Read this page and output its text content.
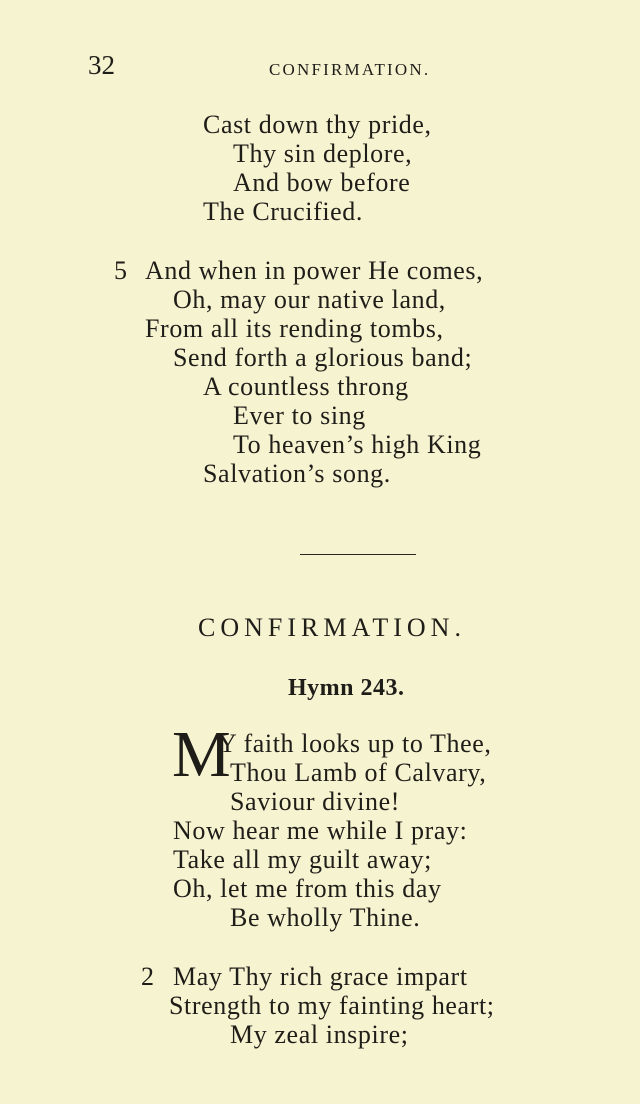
32	CONFIRMATION.
Cast down thy pride,
Thy sin deplore,
And bow before
The Crucified.
5 And when in power He comes,
Oh, may our native land,
From all its rending tombs,
Send forth a glorious band;
A countless throng
Ever to sing
To heaven’s high King
Salvation’s song.
CONFIRMATION.
Hymn 243.
M
Y faith looks up to Thee,
Thou Lamb of Calvary,
Saviour divine!
Now hear me while I pray:
Take all my guilt away;
Oh, let me from this day
Be wholly Thine.
2 May Thy rich grace impart
Strength to my fainting heart;
My zeal inspire;
